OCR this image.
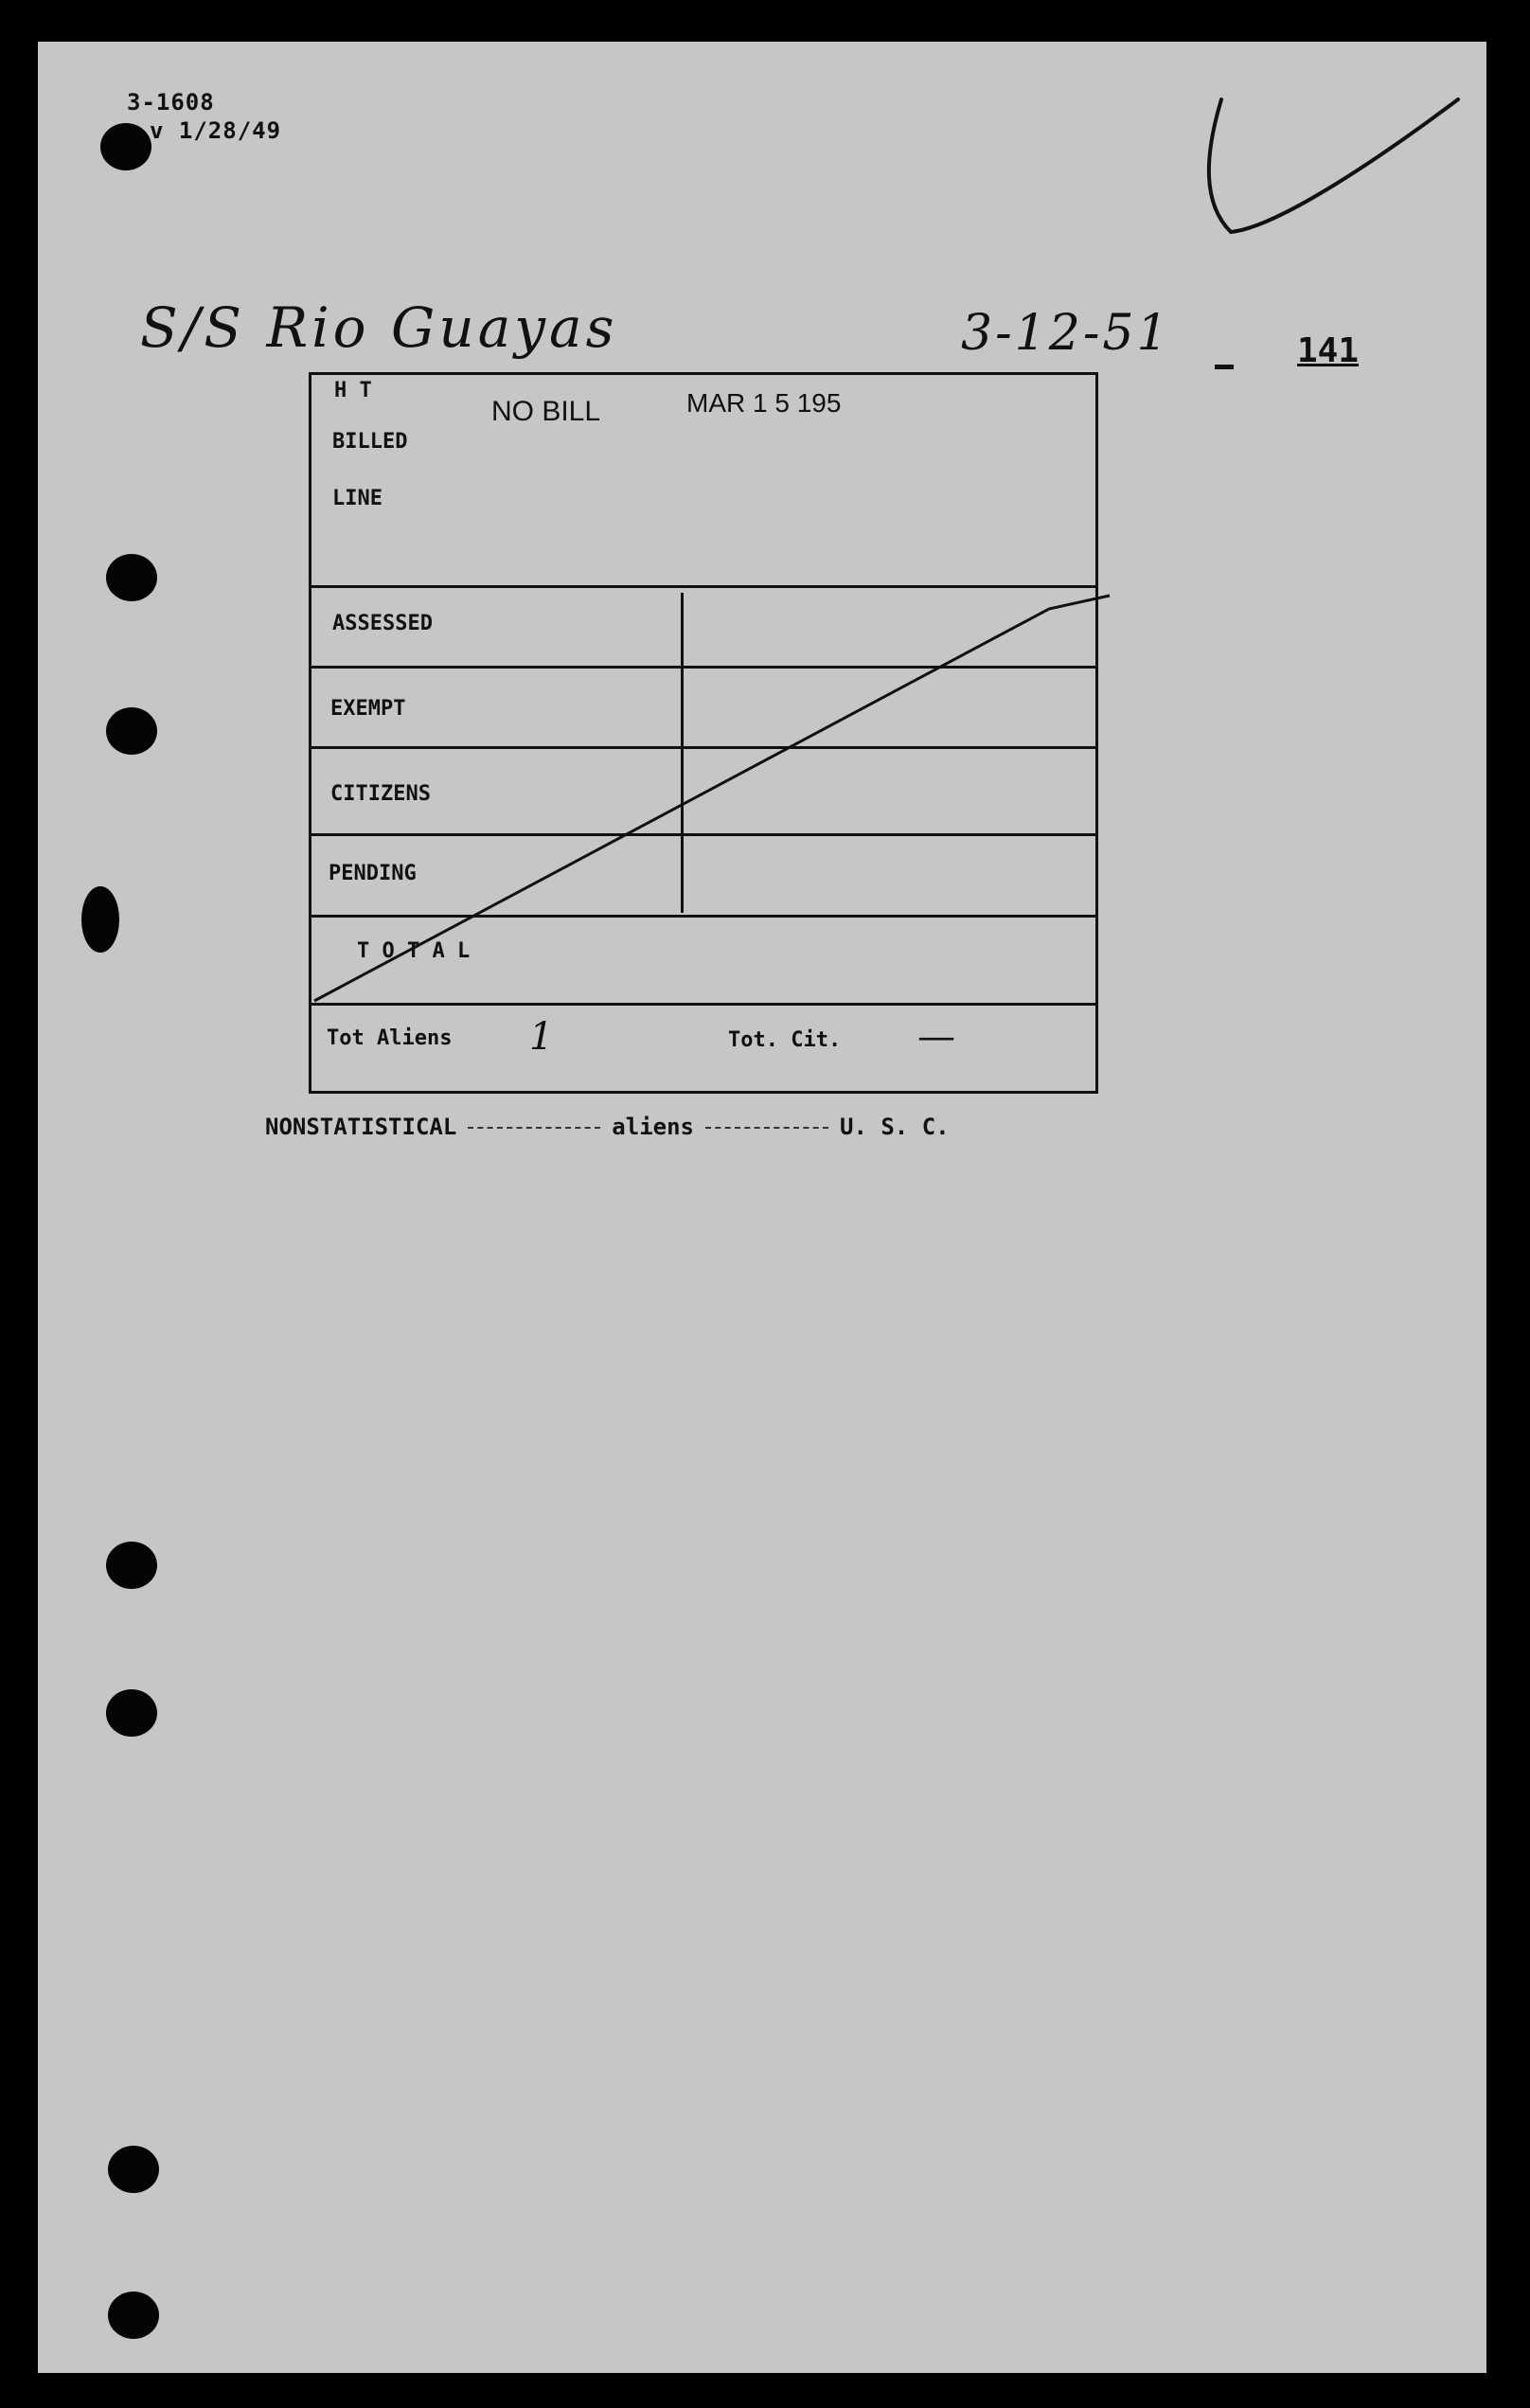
3-1608
v 1/28/49
S/S Rio Guayas	3-12-51	141
H T
NO BILL	MAR 1 5 195
BILLED
LINE
ASSESSED
EXEMPT
CITIZENS
PENDING
T O T A L
Tot Aliens 1	Tot. Cit. —
NONSTATISTICAL	aliens	U. S. C.
